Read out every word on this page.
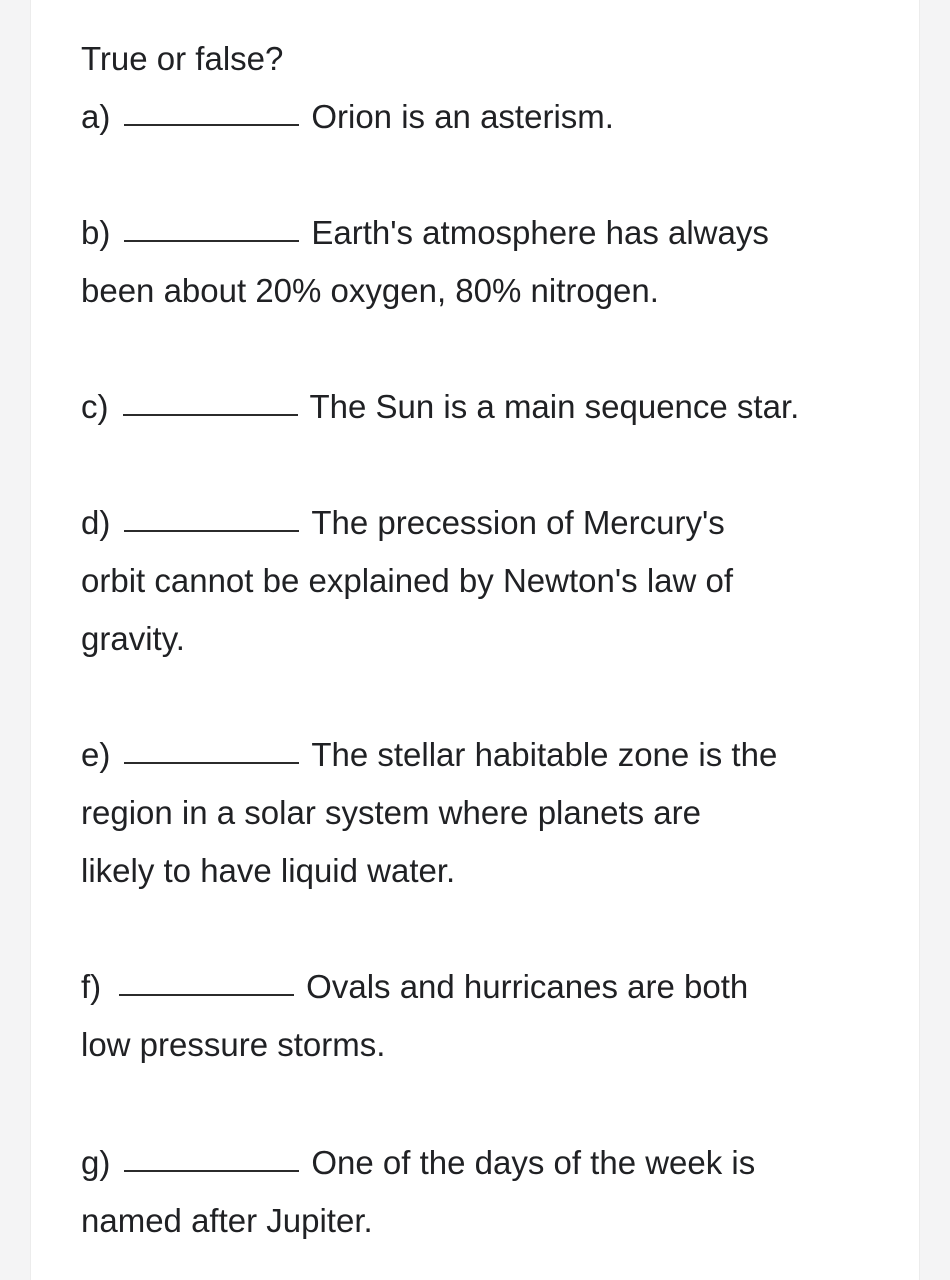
True or false?
a)	Orion is an asterism.
b)	Earth's atmosphere has always
been about 20% oxygen, 80% nitrogen.
c)	The Sun is a main sequence star.
d)	The precession of Mercury's
orbit cannot be explained by Newton's law of
gravity.
e)	The stellar habitable zone is the
region in a solar system where planets are
likely to have liquid water.
f)	Ovals and hurricanes are both
low pressure storms.
g)	One of the days of the week is
named after Jupiter.
